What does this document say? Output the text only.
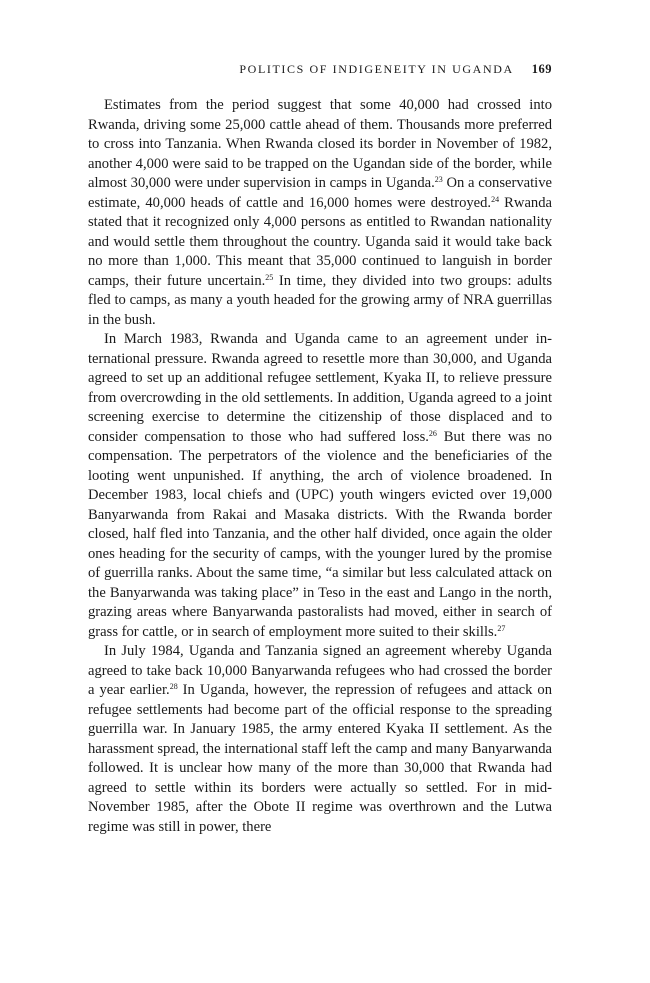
POLITICS OF INDIGENEITY IN UGANDA 169

Estimates from the period suggest that some 40,000 had crossed into Rwanda, driving some 25,000 cattle ahead of them. Thousands more preferred to cross into Tanzania. When Rwanda closed its border in November of 1982, another 4,000 were said to be trapped on the Ugandan side of the border, while almost 30,000 were under supervision in camps in Uganda.$^{23}$ On a conservative estimate, 40,000 heads of cattle and 16,000 homes were destroyed.$^{24}$ Rwanda stated that it recognized only 4,000 persons as entitled to Rwandan nationality and would settle them throughout the country. Uganda said it would take back no more than 1,000. This meant that 35,000 continued to languish in border camps, their future uncertain.$^{25}$ In time, they divided into two groups: adults fled to camps, as many a youth headed for the growing army of NRA guerrillas in the bush.

In March 1983, Rwanda and Uganda came to an agreement under international pressure. Rwanda agreed to resettle more than 30,000, and Uganda agreed to set up an additional refugee settlement, Kyaka II, to relieve pressure from overcrowding in the old settlements. In addition, Uganda agreed to a joint screening exercise to determine the citizenship of those displaced and to consider compensation to those who had suffered loss.$^{26}$ But there was no compensation. The perpetrators of the violence and the beneficiaries of the looting went unpunished. If anything, the arch of violence broadened. In December 1983, local chiefs and (UPC) youth wingers evicted over 19,000 Banyarwanda from Rakai and Masaka districts. With the Rwanda border closed, half fled into Tanzania, and the other half divided, once again the older ones heading for the security of camps, with the younger lured by the promise of guerrilla ranks. About the same time, “a similar but less calculated attack on the Banyarwanda was taking place” in Teso in the east and Lango in the north, grazing areas where Banyarwanda pastoralists had moved, either in search of grass for cattle, or in search of employment more suited to their skills.$^{27}$

In July 1984, Uganda and Tanzania signed an agreement whereby Uganda agreed to take back 10,000 Banyarwanda refugees who had crossed the border a year earlier.$^{28}$ In Uganda, however, the repression of refugees and attack on refugee settlements had become part of the official response to the spreading guerrilla war. In January 1985, the army entered Kyaka II settlement. As the harassment spread, the international staff left the camp and many Banyarwanda followed. It is unclear how many of the more than 30,000 that Rwanda had agreed to settle within its borders were actually so settled. For in mid-November 1985, after the Obote II regime was overthrown and the Lutwa regime was still in power, there
